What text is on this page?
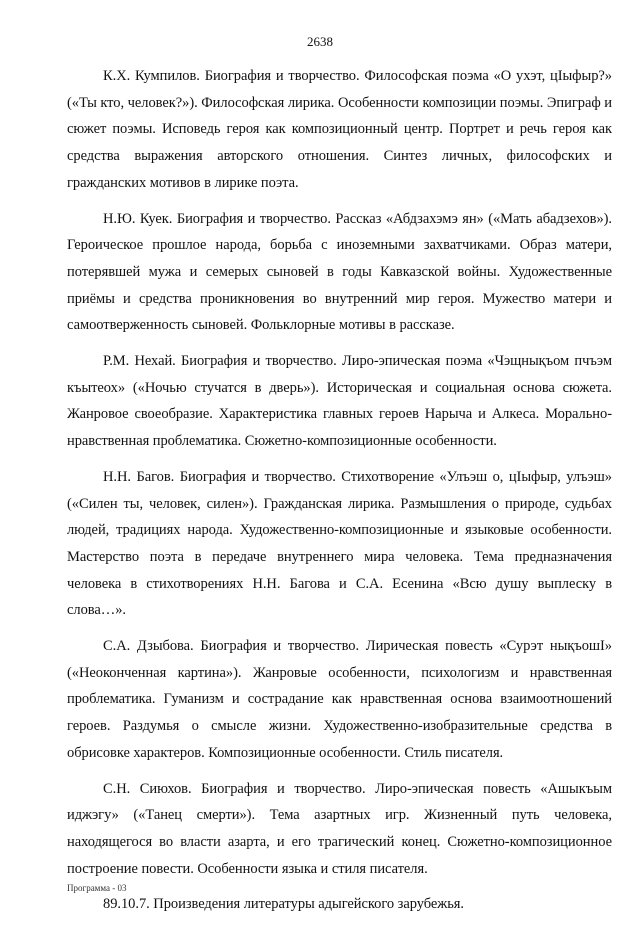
2638

К.Х. Кумпилов. Биография и творчество. Философская поэма «О ухэт, цIыфыр?» («Ты кто, человек?»). Философская лирика. Особенности композиции поэмы. Эпиграф и сюжет поэмы. Исповедь героя как композиционный центр. Портрет и речь героя как средства выражения авторского отношения. Синтез личных, философских и гражданских мотивов в лирике поэта.

Н.Ю. Куек. Биография и творчество. Рассказ «Абдзахэмэ ян» («Мать абадзехов»). Героическое прошлое народа, борьба с иноземными захватчиками. Образ матери, потерявшей мужа и семерых сыновей в годы Кавказской войны. Художественные приёмы и средства проникновения во внутренний мир героя. Мужество матери и самоотверженность сыновей. Фольклорные мотивы в рассказе.

Р.М. Нехай. Биография и творчество. Лиро-эпическая поэма «Чэщнықъом пчъэм къытеох» («Ночью стучатся в дверь»). Историческая и социальная основа сюжета. Жанровое своеобразие. Характеристика главных героев Нарыча и Алкеса. Морально-нравственная проблематика. Сюжетно-композиционные особенности.

Н.Н. Багов. Биография и творчество. Стихотворение «Улъэш о, цIыфыр, улъэш» («Силен ты, человек, силен»). Гражданская лирика. Размышления о природе, судьбах людей, традициях народа. Художественно-композиционные и языковые особенности. Мастерство поэта в передаче внутреннего мира человека. Тема предназначения человека в стихотворениях Н.Н. Багова и С.А. Есенина «Всю душу выплеску в слова…».

С.А. Дзыбова. Биография и творчество. Лирическая повесть «Сурэт нықъошI» («Неоконченная картина»). Жанровые особенности, психологизм и нравственная проблематика. Гуманизм и сострадание как нравственная основа взаимоотношений героев. Раздумья о смысле жизни. Художественно-изобразительные средства в обрисовке характеров. Композиционные особенности. Стиль писателя.

С.Н. Сиюхов. Биография и творчество. Лиро-эпическая повесть «Ашыкъым иджэгу» («Танец смерти»). Тема азартных игр. Жизненный путь человека, находящегося во власти азарта, и его трагический конец. Сюжетно-композиционное построение повести. Особенности языка и стиля писателя.

89.10.7. Произведения литературы адыгейского зарубежья.

Программа - 03
